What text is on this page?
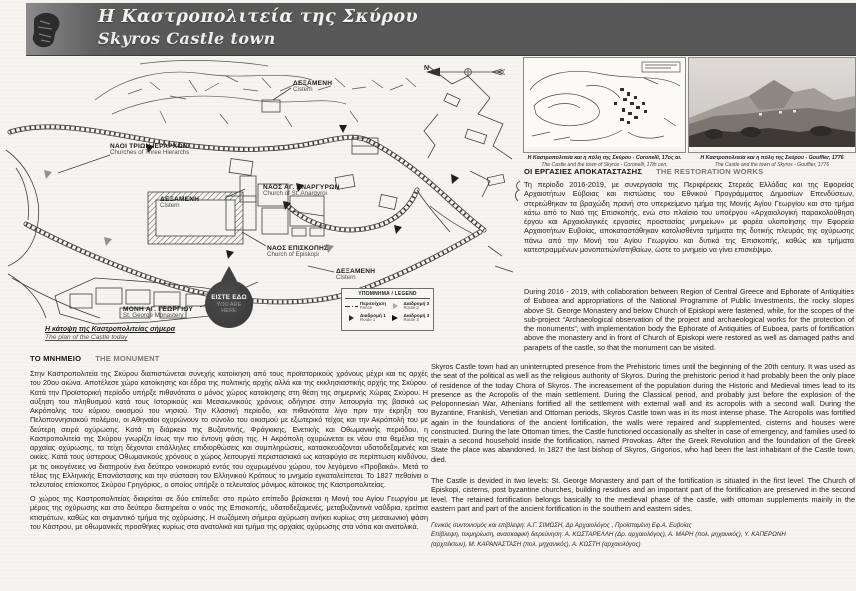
Η Καστροπολιτεία της Σκύρου
Skyros Castle town
ΔΕΞΑΜΕΝΗ
Cistern
ΝΑΟΙ ΤΡΙΩΝ ΙΕΡΑΡΧΩΝ
Churches of Three Hierarchs
ΝΑΟΣ ΑΓ. ΑΝΑΡΓΥΡΩΝ
Church of St. Anargyroi
ΔΕΞΑΜΕΝΗ
Cistern
ΝΑΟΣ ΕΠΙΣΚΟΠΗΣ
Church of Episkopi
ΔΕΞΑΜΕΝΗ
Cistern
ΜΟΝΗ ΑΓ. ΓΕΩΡΓΙΟΥ
St. George Monastery
N
ΕΙΣΤΕ ΕΔΩ
YOU ARE HERE
ΥΠΟΜΝΗΜΑ / LEGEND
Περιτοίχιση
Fence
Διαδρομή 1
Route 1
Διαδρομή 2
Route 2
Διαδρομή 3
Route 3
Η κάτοψη της Καστροπολιτείας σήμερα
The plan of the Castle today
Η Καστροπολιτεία και η πόλη της Σκύρου - Coronelli, 17ος αι.
The Castle and the town of Skyros - Coronelli, 17th cen.
Η Καστροπολιτεία και η πόλη της Σκύρου - Gouffier, 1776
The Castle and the town of Skyros - Gouffier, 1776
ΟΙ ΕΡΓΑΣΙΕΣ ΑΠΟΚΑΤΑΣΤΑΣΗΣ THE RESTORATION WORKS

Τη περίοδο 2016-2019, με συνεργασία της Περιφέρειας Στερεάς Ελλάδας και της Εφορείας Αρχαιοτήτων Εύβοιας και πιστώσεις του Εθνικού Προγράμματος Δημοσίων Επενδύσεων, στερεώθηκαν τα βραχώδη πρανή στο υπερκείμενο τμήμα της Μονής Αγίου Γεωργίου και στο τμήμα κάτω από το Ναό της Επισκοπής, ενώ στο πλαίσιο του υποέργου «Αρχαιολογική παρακολούθηση έργου και Αρχαιολογικές εργασίες προστασίας μνημείων» με φορέα υλοποίησης την Εφορεία Αρχαιοτήτων Ευβοίας, αποκαταστάθηκαν κατολισθέντα τμήματα της δυτικής πλευράς της οχύρωσης πάνω από την Μονή του Αγίου Γεωργίου και δυτικά της Επισκοπής, καθώς και τμήματα κατεστραμμένων μονοπατιών/στηθαίων, ώστε το μνημείο να γίνει επισκέψιμο.

During 2016 - 2019, with collaboration between Region of Central Greece and Ephorate of Antiquities of Euboea and appropriations of the National Programme of Public Investments, the rocky slopes above St. George Monastery and below Church of Episkopi were fastened, while, for the scopes of the sub-project “Archaeological observation of the project and archaeological works for the protection of the monuments”, with implementation body the Ephorate of Antiquities of Euboea, parts of fortification above the monastery and in front of Church of Episkopi were restored as well as damaged paths and parapets of the castle, so that the monument can be visited.

ΤΟ ΜΝΗΜΕΙΟ THE MONUMENT

Στην Καστροπολιτεία της Σκύρου διαπιστώνεται συνεχής κατοίκηση από τους προϊστορικούς χρόνους μέχρι και τις αρχές του 20ου αιώνα. Αποτέλεσε χώρο κατοίκησης και έδρα της πολιτικής αρχής αλλά και της εκκλησιαστικής αρχής της Σκύρου. Κατά την Προϊστορική περίοδο υπήρξε πιθανότατα ο μόνος χώρος κατοίκησης στη θέση της σημερινής Χώρας Σκύρου. Η αύξηση του πληθυσμού κατά τους Ιστορικούς και Μεσαιωνικούς χρόνους οδήγησε στην λειτουργία της βασικά ως Ακρόπολης του κύριου οικισμού του νησιού. Την Κλασική περίοδο, και πιθανότατα λίγο πριν την έκρηξη του Πελοποννησιακού πολέμου, οι Αθηναίοι οχυρώνουν το σύνολο του οικισμού με εξωτερικό τείχος και την Ακρόπολή του με δεύτερη σειρά οχύρωσης. Κατά τη διάρκεια της Βυζαντινής, Φράγκικης, Ενετικής και Οθωμανικής περιόδου, η Καστροπολιτεία της Σκύρου γνωρίζει ίσως την πιο έντονη φάση της. Η Ακρόπολη οχυρώνεται εκ νέου στα θεμέλια της αρχαίας οχύρωσης, τα τείχη δέχονται επάλληλες επιδιορθώσεις και συμπληρώσεις, κατασκευάζονται υδατοδεξαμενές και οικίες. Κατά τους ύστερους Οθωμανικούς χρόνους ο χώρος λειτουργεί περιστασιακά ως καταφύγιο σε περίπτωση κινδύνου, με τις οικογένειες να διατηρούν ένα δεύτερο νοικοκυριό εντός του οχυρωμένου χώρου, τον λεγόμενο «Προβακά». Μετά το τέλος της Ελληνικής Επανάστασης και την σύσταση του Ελληνικού Κράτους το μνημείο εγκαταλείπεται. Το 1827 πεθαίνει ο τελευταίος επίσκοπος Σκύρου Γρηγόριος, ο οποίος υπήρξε ο τελευταίος μόνιμος κάτοικος της Καστροπολιτείας.

Ο χώρος της Καστροπολιτείας διαιρείται σε δύο επίπεδα: στο πρώτο επίπεδο βρίσκεται η Μονή του Αγίου Γεωργίου με μέρος της οχύρωσης και στο δεύτερο διατηρείται ο ναός της Επισκοπής, υδατοδεξαμενές, μεταβυζαντινά ναΰδρια, ερείπια κτισμάτων, καθώς και σημαντικό τμήμα της οχύρωσης. Η σωζόμενη σήμερα οχύρωση ανήκει κυρίως στη μεσαιωνική φάση του Κάστρου, με οθωμανικές προσθήκες κυρίως στα ανατολικά και τμήμα της αρχαίας οχύρωσης στα νότια και ανατολικά.

Skyros Castle town had an uninterrupted presence from the Prehistoric times until the beginning of the 20th century. It was used as the seat of the political as well as the religious authority of Skyros. During the prehistoric period it had probably been the only place of residence of the today Chora of Skyros. The increasement of the population during the Historic and Medieval times lead to its presence as the Acropolis of the main settlement. During the Classical period, and probably just before the explosion of the Peloponnesian War, Athenians fortified all the settlement with external wall and its acropolis with a second wall. During the Byzantine, Frankish, Venetian and Ottoman periods, Skyros Castle town was in its most intense phase. The Acropolis was fortified again in the foundations of the ancient fortification, the walls were repaired and supplemented, cisterns and houses were constructed. During the late Ottoman times, the Castle functioned occasionally as shelter in case of emergency, and families used to retain a second household inside the fortification, named Provokas. After the Greek Revolution and the foundation of the Greek State the place was abandoned. In 1827 the last bishop of Skyros, Grigorios, who had been the last inhabitant of the Castle town, died.

The Castle is devided in two levels: St. George Monastery and part of the fortification is situated in the first level. The Church of Episkopi, cisterns, post byzantine churches, building residues and an important part of the fortification are preserved in the second level. The retained fortification belongs basically to the medieval phase of the castle, with ottoman supplements mainly in the eastern part and part of the ancient fortification in the southern and eastern sides.

Γενικός συντονισμός και επίβλεψη: Α.Γ. ΣΙΜΩΣΗ, Δρ Αρχαιολόγος , Προϊσταμένη Εφ.Α. Ευβοίας
Επίβλεψη, τεκμηρίωση, ανασκαφική διερεύνηση: Α. ΚΩΣΤΑΡΕΛΛΗ (Δρ. αρχαιολόγος), Α. ΜΑΡΗ (πολ. μηχανικός), Υ. ΚΑΠΕΡΩΝΗ (αρχιτέκτων), Μ. ΚΑΡΑΝΑΣΤΑΣΗ (πολ. μηχανικός), Α. ΚΩΣΤΗ (αρχαιολόγος)
